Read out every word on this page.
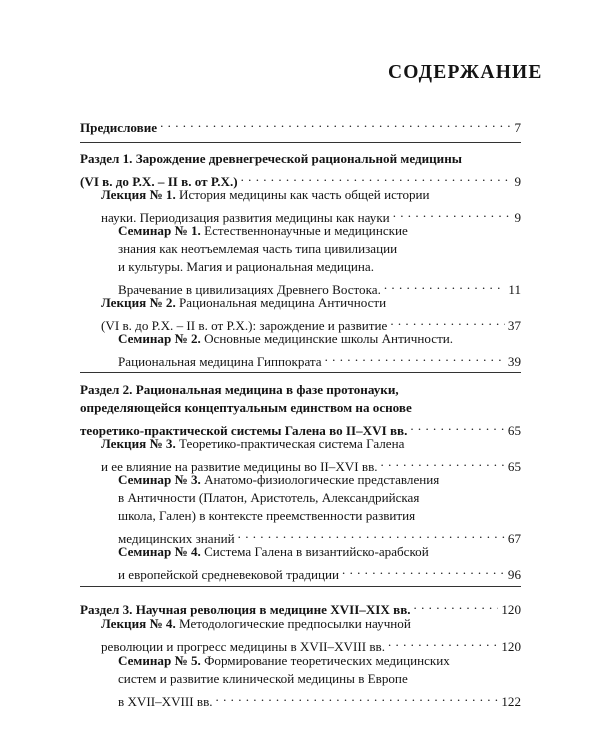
СОДЕРЖАНИЕ
Предисловие . . .	7
Раздел 1. Зарождение древнегреческой рациональной медицины
(VI в. до Р.Х. – II в. от Р.Х.) . . .	9
Лекция № 1. История медицины как часть общей истории
науки. Периодизация развития медицины как науки . . .	9
Семинар № 1. Естественнонаучные и медицинские
знания как неотъемлемая часть типа цивилизации
и культуры. Магия и рациональная медицина.
Врачевание в цивилизациях Древнего Востока. . . .	11
Лекция № 2. Рациональная медицина Античности
(VI в. до Р.Х. – II в. от Р.Х.): зарождение и развитие . . .	37
Семинар № 2. Основные медицинские школы Античности.
Рациональная медицина Гиппократа . . .	39
Раздел 2. Рациональная медицина в фазе протонауки,
определяющейся концептуальным единством на основе
теоретико-практической системы Галена во II–XVI вв. . . .	65
Лекция № 3. Теоретико-практическая система Галена
и ее влияние на развитие медицины во II–XVI вв. . . .	65
Семинар № 3. Анатомо-физиологические представления
в Античности (Платон, Аристотель, Александрийская
школа, Гален) в контексте преемственности развития
медицинских знаний . . .	67
Семинар № 4. Система Галена в византийско-арабской
и европейской средневековой традиции . . .	96
Раздел 3. Научная революция в медицине XVII–XIX вв. . . .	120
Лекция № 4. Методологические предпосылки научной
революции и прогресс медицины в XVII–XVIII вв. . . .	120
Семинар № 5. Формирование теоретических медицинских
систем и развитие клинической медицины в Европе
в XVII–XVIII вв. . . .	122
